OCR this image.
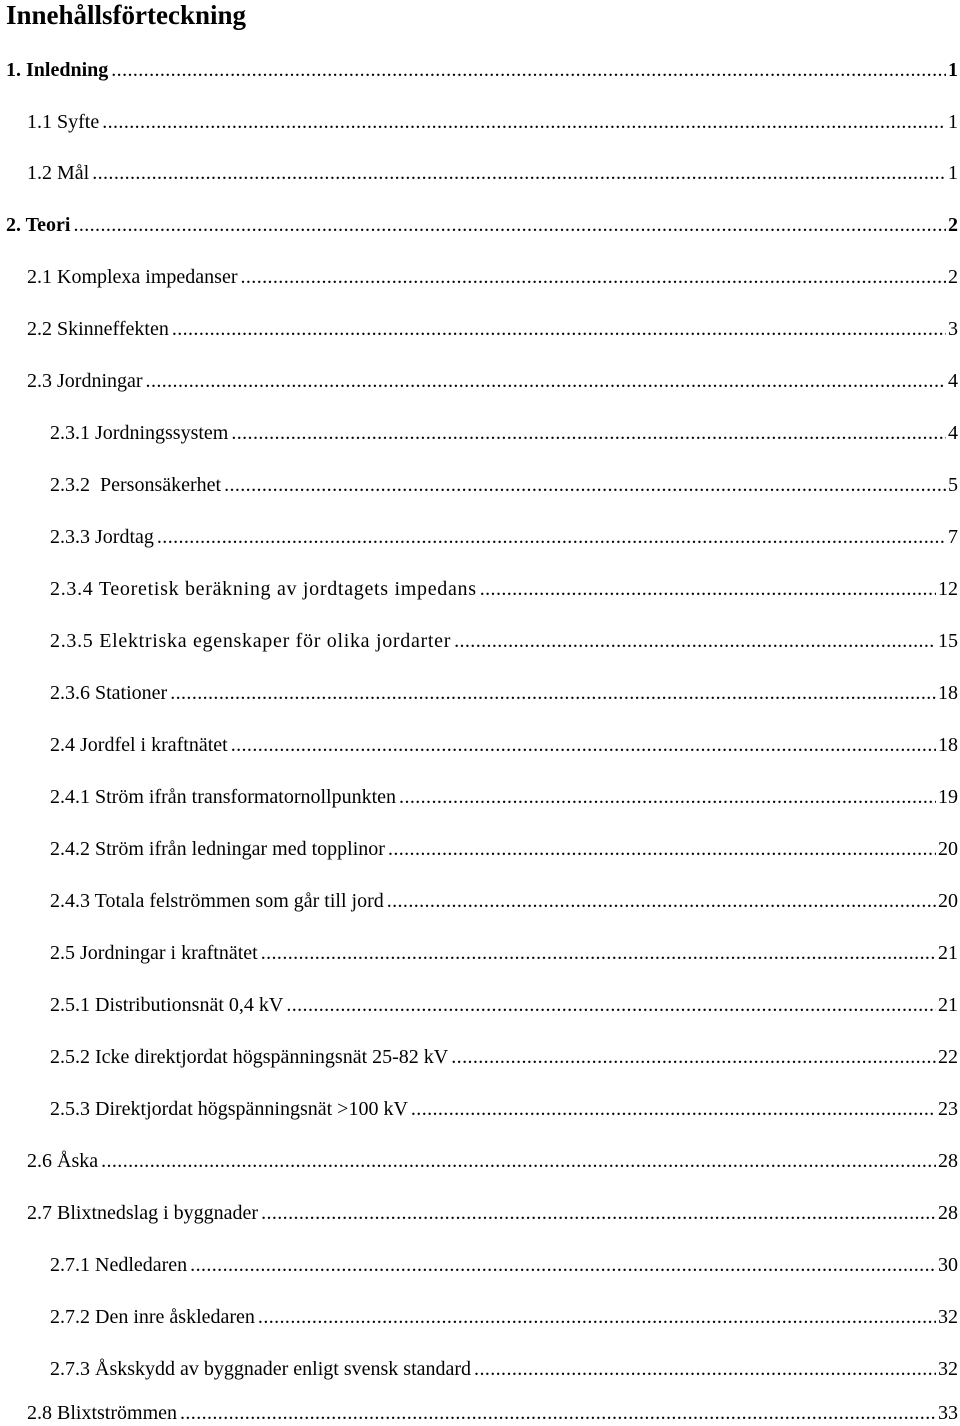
Innehållsförteckning
1. Inledning .....	1
1.1 Syfte .....	1
1.2 Mål .....	1
2. Teori .....	2
2.1 Komplexa impedanser .....	2
2.2 Skinneffekten .....	3
2.3 Jordningar .....	4
2.3.1 Jordningssystem .....	4
2.3.2  Personsäkerhet .....	5
2.3.3 Jordtag .....	7
2.3.4 Teoretisk beräkning av jordtagets impedans .....	12
2.3.5 Elektriska egenskaper för olika jordarter .....	15
2.3.6 Stationer .....	18
2.4 Jordfel i kraftnätet .....	18
2.4.1 Ström ifrån transformatornollpunkten .....	19
2.4.2 Ström ifrån ledningar med topplinor .....	20
2.4.3 Totala felströmmen som går till jord .....	20
2.5 Jordningar i kraftnätet .....	21
2.5.1 Distributionsnät 0,4 kV .....	21
2.5.2 Icke direktjordat högspänningsnät 25-82 kV .....	22
2.5.3 Direktjordat högspänningsnät >100 kV .....	23
2.6 Åska .....	28
2.7 Blixtnedslag i byggnader .....	28
2.7.1 Nedledaren .....	30
2.7.2 Den inre åskledaren .....	32
2.7.3 Åskskydd av byggnader enligt svensk standard .....	32
2.8 Blixtströmmen .....	33
